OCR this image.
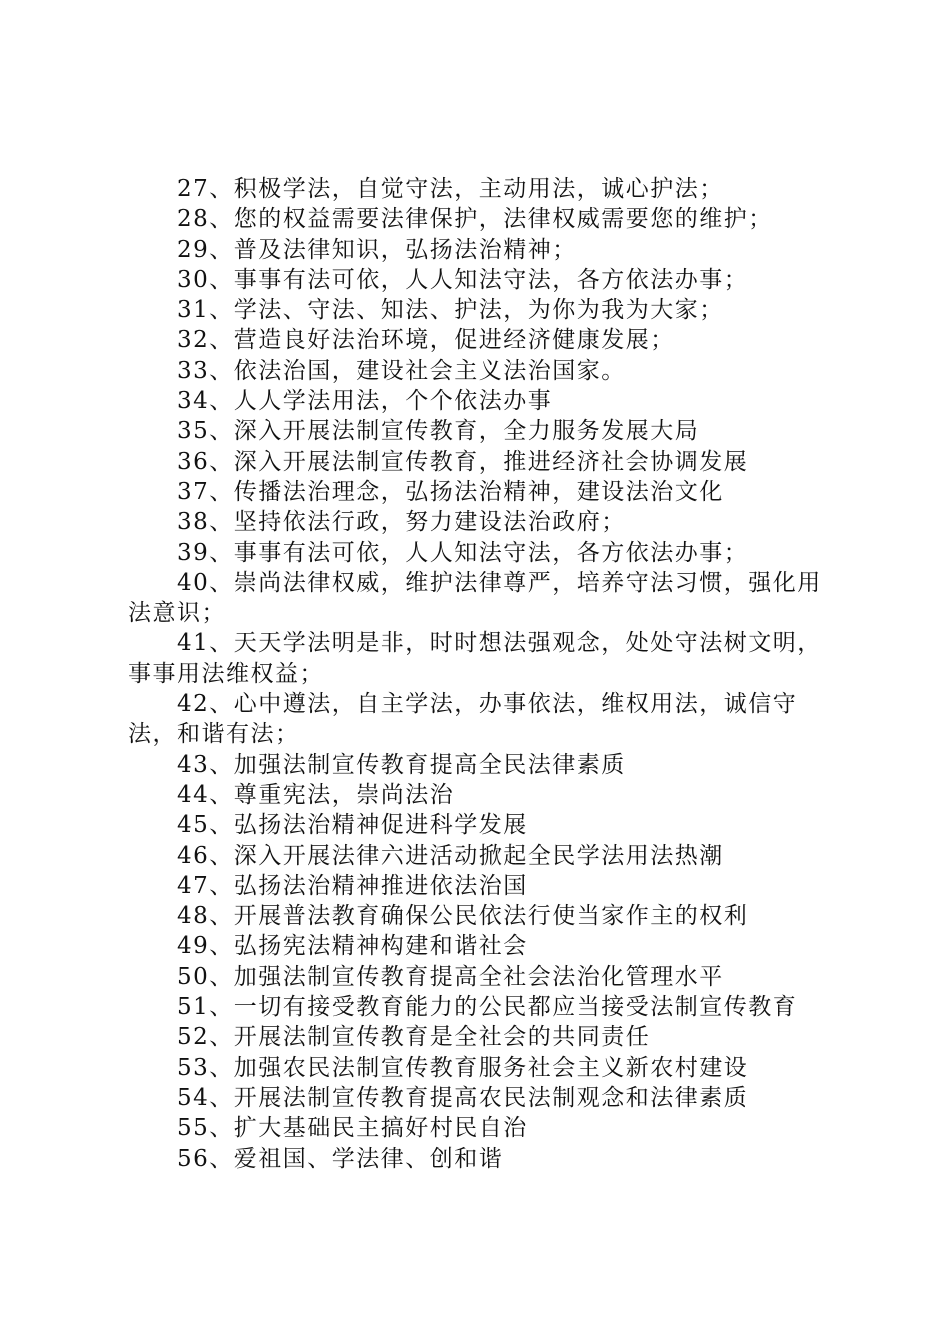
27、积极学法，自觉守法，主动用法，诚心护法；

28、您的权益需要法律保护，法律权威需要您的维护；

29、普及法律知识，弘扬法治精神；

30、事事有法可依，人人知法守法，各方依法办事；

31、学法、守法、知法、护法，为你为我为大家；

32、营造良好法治环境，促进经济健康发展；

33、依法治国，建设社会主义法治国家。

34、人人学法用法，个个依法办事

35、深入开展法制宣传教育，全力服务发展大局

36、深入开展法制宣传教育，推进经济社会协调发展

37、传播法治理念，弘扬法治精神，建设法治文化

38、坚持依法行政，努力建设法治政府；

39、事事有法可依，人人知法守法，各方依法办事；

40、崇尚法律权威，维护法律尊严，培养守法习惯，强化用法意识；

41、天天学法明是非，时时想法强观念，处处守法树文明，事事用法维权益；

42、心中遵法，自主学法，办事依法，维权用法，诚信守法，和谐有法；

43、加强法制宣传教育提高全民法律素质

44、尊重宪法，崇尚法治

45、弘扬法治精神促进科学发展

46、深入开展法律六进活动掀起全民学法用法热潮

47、弘扬法治精神推进依法治国

48、开展普法教育确保公民依法行使当家作主的权利

49、弘扬宪法精神构建和谐社会

50、加强法制宣传教育提高全社会法治化管理水平

51、一切有接受教育能力的公民都应当接受法制宣传教育

52、开展法制宣传教育是全社会的共同责任

53、加强农民法制宣传教育服务社会主义新农村建设

54、开展法制宣传教育提高农民法制观念和法律素质

55、扩大基础民主搞好村民自治

56、爱祖国、学法律、创和谐
